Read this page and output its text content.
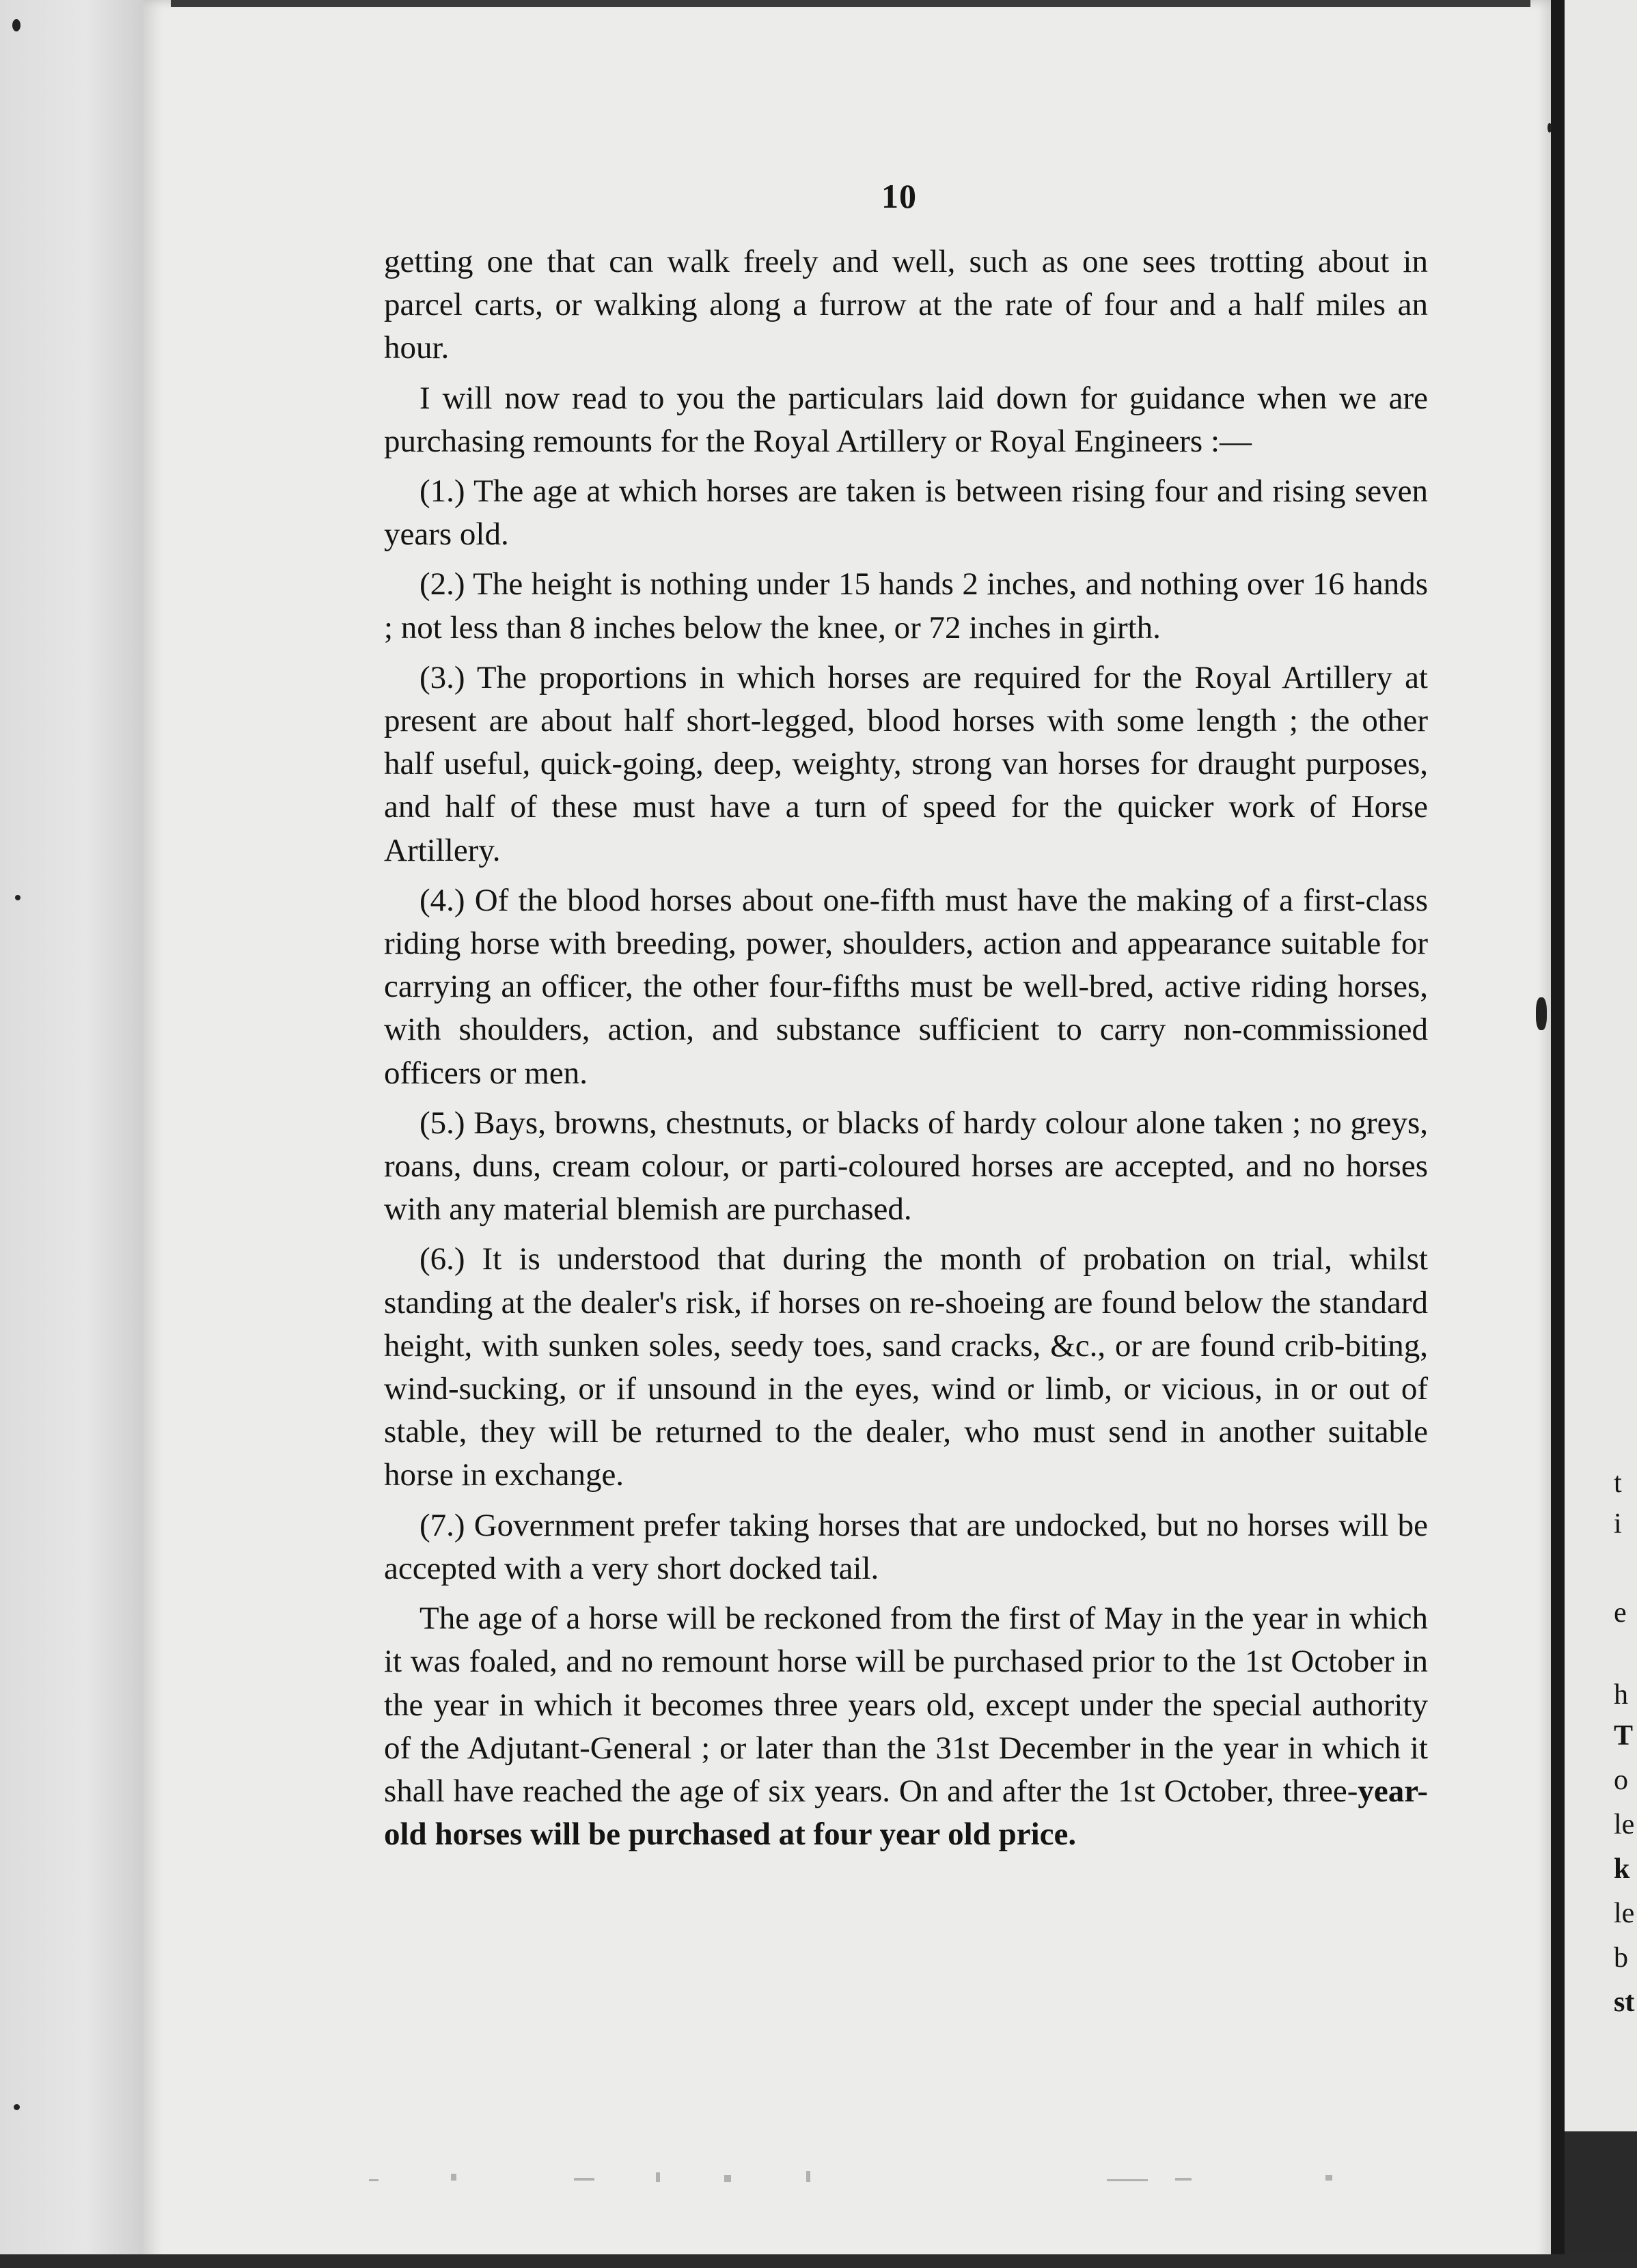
10

getting one that can walk freely and well, such as one sees trotting about in parcel carts, or walking along a furrow at the rate of four and a half miles an hour.

I will now read to you the particulars laid down for guidance when we are purchasing remounts for the Royal Artillery or Royal Engineers :—

(1.) The age at which horses are taken is between rising four and rising seven years old.

(2.) The height is nothing under 15 hands 2 inches, and nothing over 16 hands ; not less than 8 inches below the knee, or 72 inches in girth.

(3.) The proportions in which horses are required for the Royal Artillery at present are about half short-legged, blood horses with some length ; the other half useful, quick-going, deep, weighty, strong van horses for draught purposes, and half of these must have a turn of speed for the quicker work of Horse Artillery.

(4.) Of the blood horses about one-fifth must have the making of a first-class riding horse with breeding, power, shoulders, action and appearance suitable for carrying an officer, the other four-fifths must be well-bred, active riding horses, with shoulders, action, and substance sufficient to carry non-commissioned officers or men.

(5.) Bays, browns, chestnuts, or blacks of hardy colour alone taken ; no greys, roans, duns, cream colour, or parti-coloured horses are accepted, and no horses with any material blemish are purchased.

(6.) It is understood that during the month of probation on trial, whilst standing at the dealer's risk, if horses on re-shoeing are found below the standard height, with sunken soles, seedy toes, sand cracks, &c., or are found crib-biting, wind-sucking, or if unsound in the eyes, wind or limb, or vicious, in or out of stable, they will be returned to the dealer, who must send in another suitable horse in exchange.

(7.) Government prefer taking horses that are undocked, but no horses will be accepted with a very short docked tail.

The age of a horse will be reckoned from the first of May in the year in which it was foaled, and no remount horse will be purchased prior to the 1st October in the year in which it becomes three years old, except under the special authority of the Adjutant-General ; or later than the 31st December in the year in which it shall have reached the age of six years. On and after the 1st October, three-year-old horses will be purchased at four year old price.

t
i
e
h
T
o
le
k
le
b
st
